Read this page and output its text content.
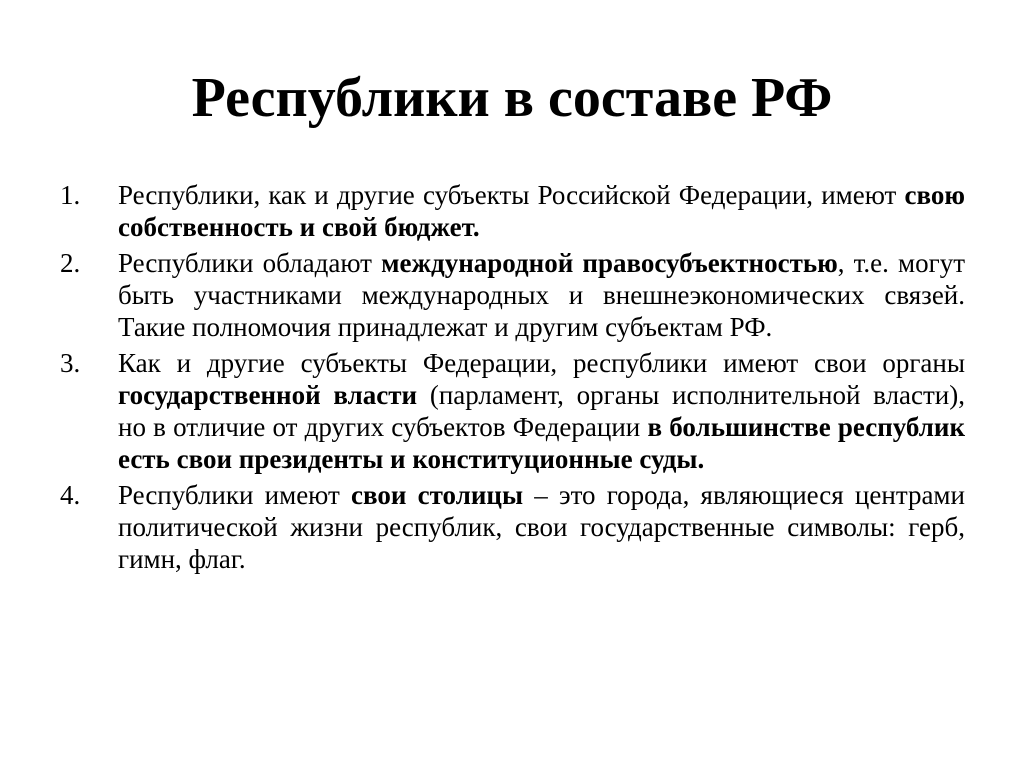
Республики в составе РФ
1.	Республики, как и другие субъекты Российской Федерации, имеют свою собственность и свой бюджет.
2.	Республики обладают международной правосубъектностью, т.е. могут быть участниками международных и внешнеэкономических связей. Такие полномочия принадлежат и другим субъектам РФ.
3.	Как и другие субъекты Федерации, республики имеют свои органы государственной власти (парламент, органы исполнительной власти), но в отличие от других субъектов Федерации в большинстве республик есть свои президенты и конституционные суды.
4.	Республики имеют свои столицы – это города, являющиеся центрами политической жизни республик, свои государственные символы: герб, гимн, флаг.
